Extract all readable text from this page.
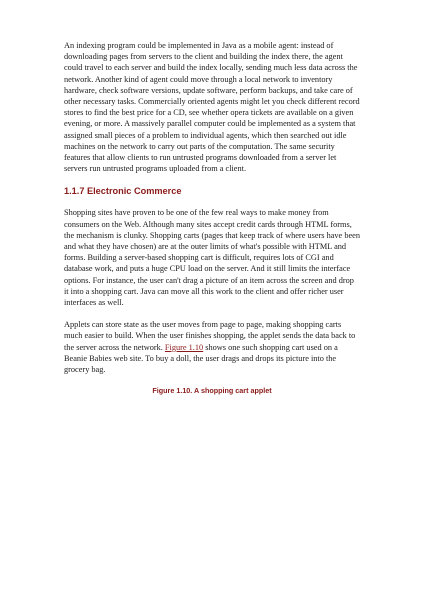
An indexing program could be implemented in Java as a mobile agent: instead of downloading pages from servers to the client and building the index there, the agent could travel to each server and build the index locally, sending much less data across the network. Another kind of agent could move through a local network to inventory hardware, check software versions, update software, perform backups, and take care of other necessary tasks. Commercially oriented agents might let you check different record stores to find the best price for a CD, see whether opera tickets are available on a given evening, or more. A massively parallel computer could be implemented as a system that assigned small pieces of a problem to individual agents, which then searched out idle machines on the network to carry out parts of the computation. The same security features that allow clients to run untrusted programs downloaded from a server let servers run untrusted programs uploaded from a client.

1.1.7 Electronic Commerce

Shopping sites have proven to be one of the few real ways to make money from consumers on the Web. Although many sites accept credit cards through HTML forms, the mechanism is clunky. Shopping carts (pages that keep track of where users have been and what they have chosen) are at the outer limits of what's possible with HTML and forms. Building a server-based shopping cart is difficult, requires lots of CGI and database work, and puts a huge CPU load on the server. And it still limits the interface options. For instance, the user can't drag a picture of an item across the screen and drop it into a shopping cart. Java can move all this work to the client and offer richer user interfaces as well.

Applets can store state as the user moves from page to page, making shopping carts much easier to build. When the user finishes shopping, the applet sends the data back to the server across the network. Figure 1.10 shows one such shopping cart used on a Beanie Babies web site. To buy a doll, the user drags and drops its picture into the grocery bag.

Figure 1.10. A shopping cart applet
